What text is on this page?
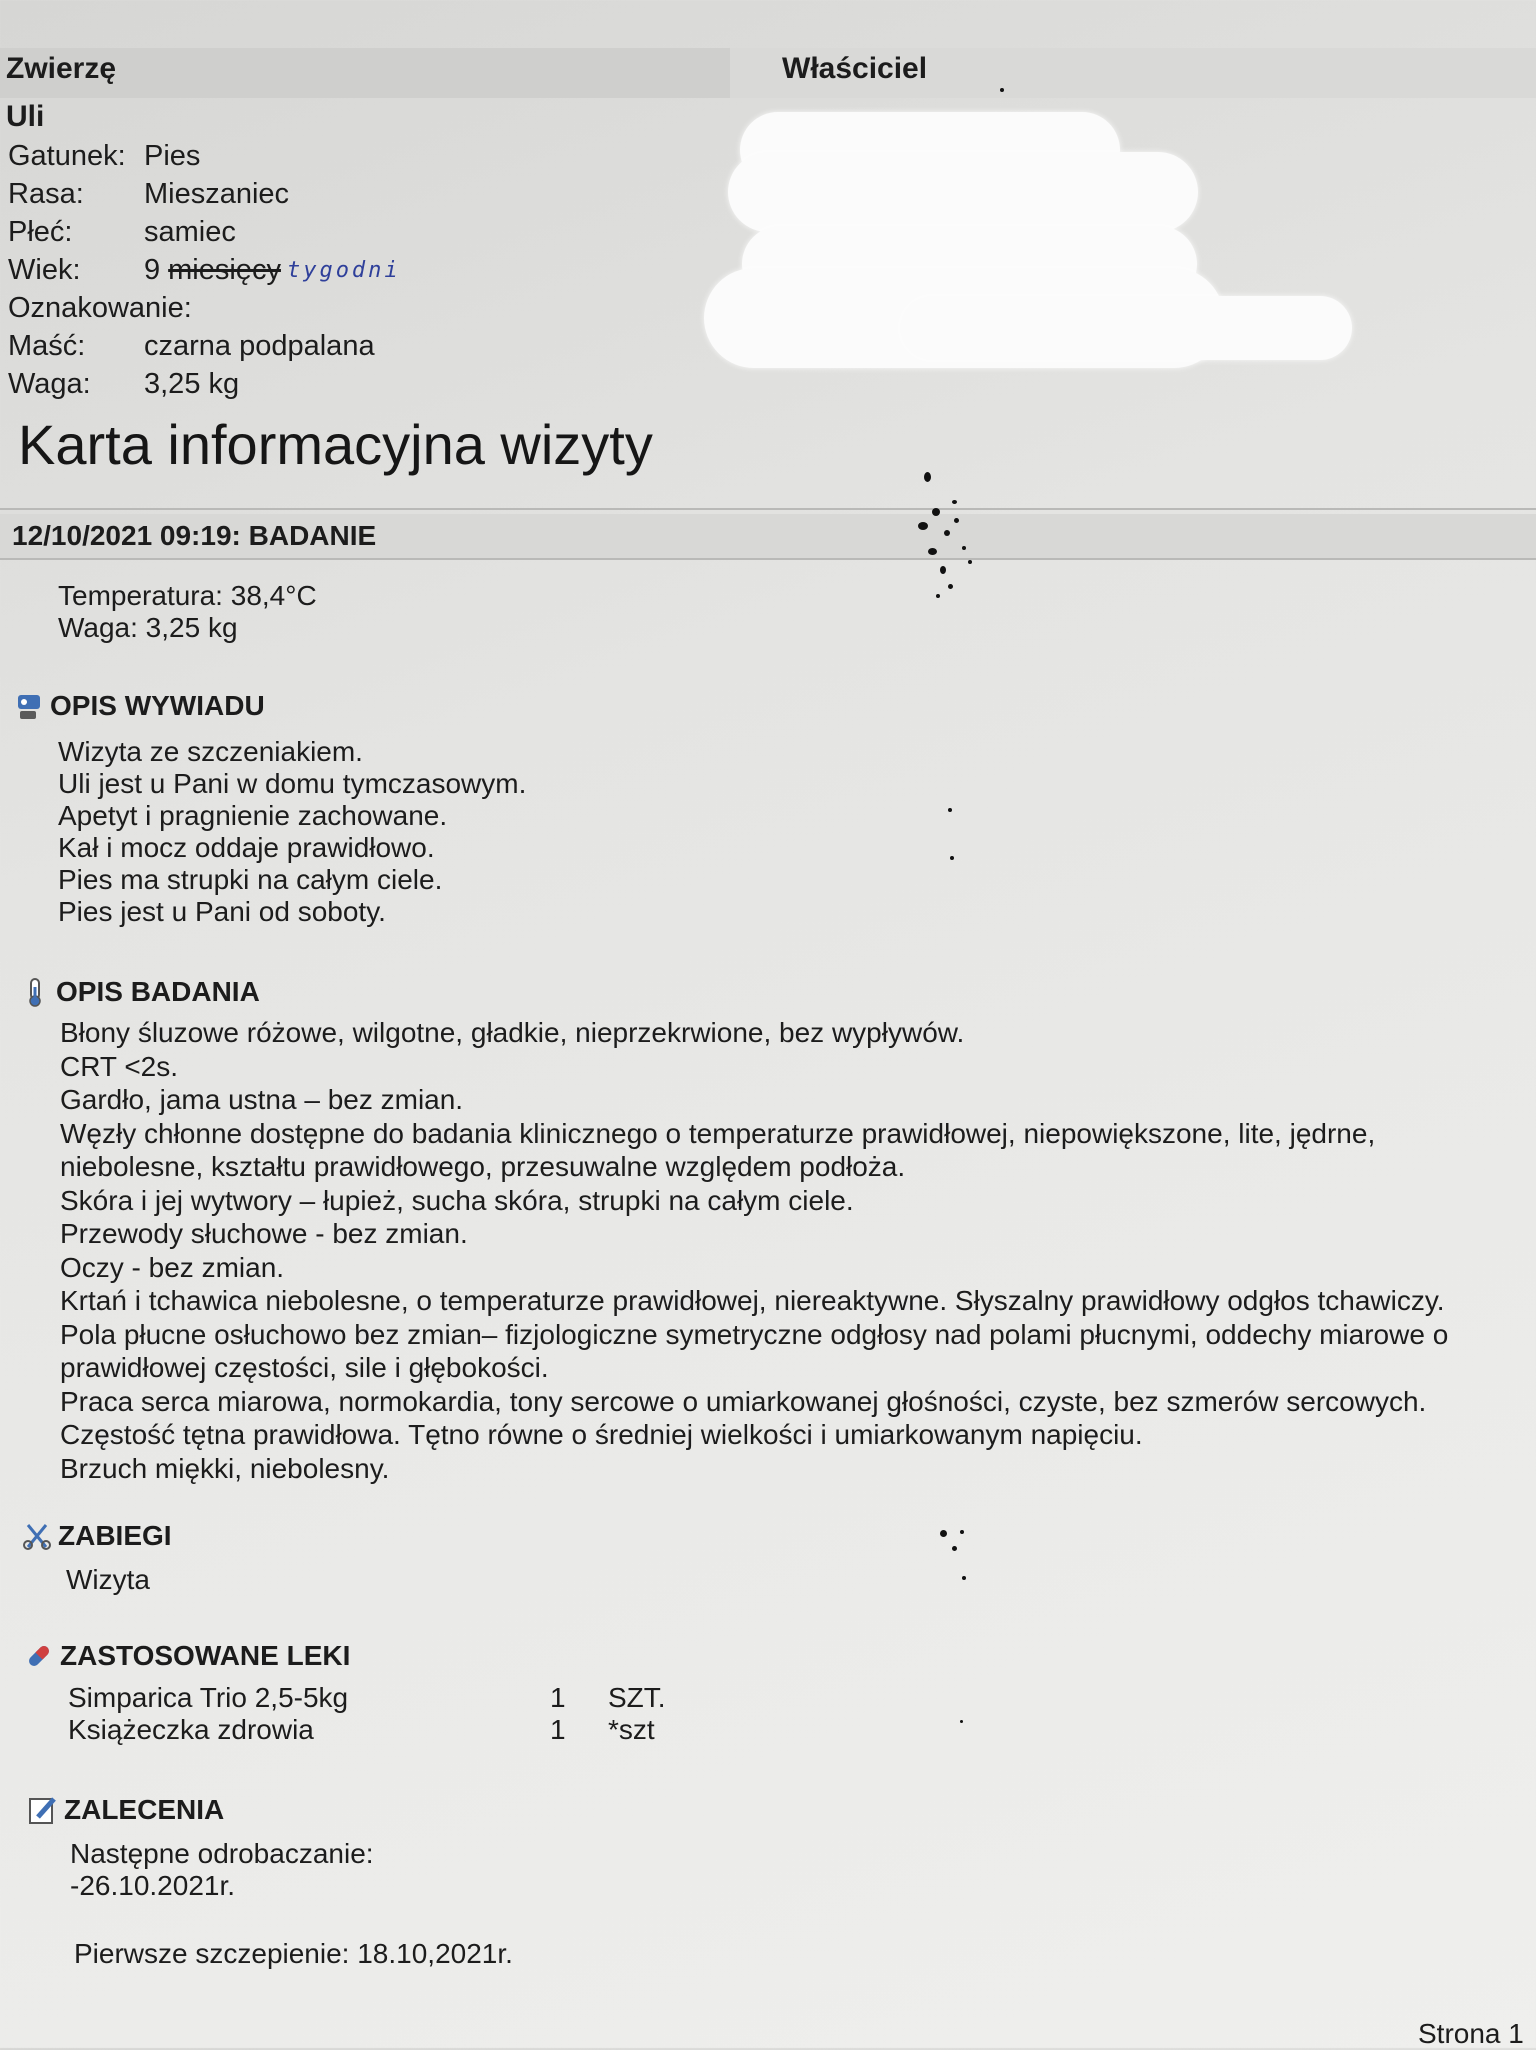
Zwierzę	Właściciel
Uli
Gatunek: Pies
Rasa:	Mieszaniec
Płeć:	samiec
Wiek:	9 miesięcy tygodni
Oznakowanie:
Maść:	czarna podpalana
Waga:	3,25 kg
Karta informacyjna wizyty
12/10/2021 09:19: BADANIE
Temperatura: 38,4°C
Waga: 3,25 kg
OPIS WYWIADU
Wizyta ze szczeniakiem.
Uli jest u Pani w domu tymczasowym.
Apetyt i pragnienie zachowane.
Kał i mocz oddaje prawidłowo.
Pies ma strupki na całym ciele.
Pies jest u Pani od soboty.
OPIS BADANIA
Błony śluzowe różowe, wilgotne, gładkie, nieprzekrwione, bez wypływów.
CRT <2s.
Gardło, jama ustna – bez zmian.
Węzły chłonne dostępne do badania klinicznego o temperaturze prawidłowej, niepowiększone, lite, jędrne,
niebolesne, kształtu prawidłowego, przesuwalne względem podłoża.
Skóra i jej wytwory – łupież, sucha skóra, strupki na całym ciele.
Przewody słuchowe - bez zmian.
Oczy - bez zmian.
Krtań i tchawica niebolesne, o temperaturze prawidłowej, niereaktywne. Słyszalny prawidłowy odgłos tchawiczy.
Pola płucne osłuchowo bez zmian– fizjologiczne symetryczne odgłosy nad polami płucnymi, oddechy miarowe o
prawidłowej częstości, sile i głębokości.
Praca serca miarowa, normokardia, tony sercowe o umiarkowanej głośności, czyste, bez szmerów sercowych.
Częstość tętna prawidłowa. Tętno równe o średniej wielkości i umiarkowanym napięciu.
Brzuch miękki, niebolesny.
ZABIEGI
Wizyta
ZASTOSOWANE LEKI
Simparica Trio 2,5-5kg	1	SZT.
Książeczka zdrowia	1	*szt
ZALECENIA
Następne odrobaczanie:
-26.10.2021r.
Pierwsze szczepienie: 18.10,2021r.
Strona 1
